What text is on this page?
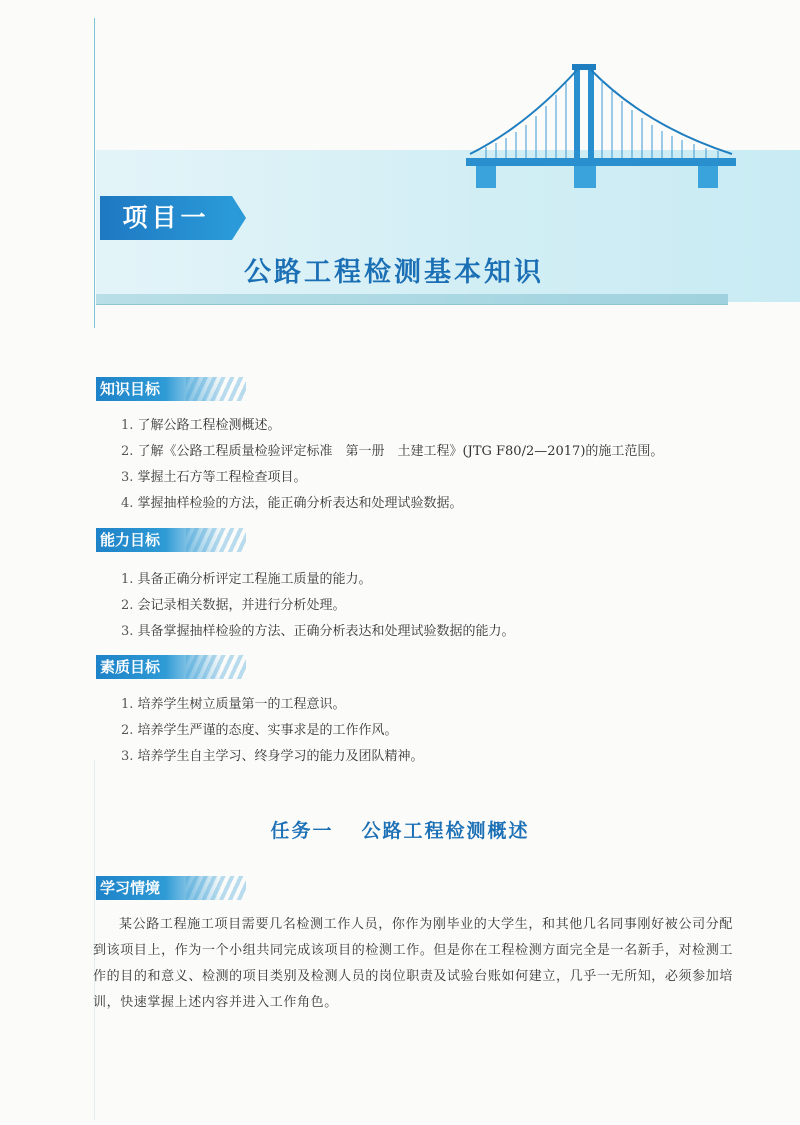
项目一
公路工程检测基本知识
知识目标
1. 了解公路工程检测概述。
2. 了解《公路工程质量检验评定标准　第一册　土建工程》(JTG F80/2—2017)的施工范围。
3. 掌握土石方等工程检查项目。
4. 掌握抽样检验的方法，能正确分析表达和处理试验数据。
能力目标
1. 具备正确分析评定工程施工质量的能力。
2. 会记录相关数据，并进行分析处理。
3. 具备掌握抽样检验的方法、正确分析表达和处理试验数据的能力。
素质目标
1. 培养学生树立质量第一的工程意识。
2. 培养学生严谨的态度、实事求是的工作作风。
3. 培养学生自主学习、终身学习的能力及团队精神。
任务一 公路工程检测概述
学习情境

某公路工程施工项目需要几名检测工作人员，你作为刚毕业的大学生，和其他几名同事刚好被公司分配到该项目上，作为一个小组共同完成该项目的检测工作。但是你在工程检测方面完全是一名新手，对检测工作的目的和意义、检测的项目类别及检测人员的岗位职责及试验台账如何建立，几乎一无所知，必须参加培训，快速掌握上述内容并进入工作角色。
